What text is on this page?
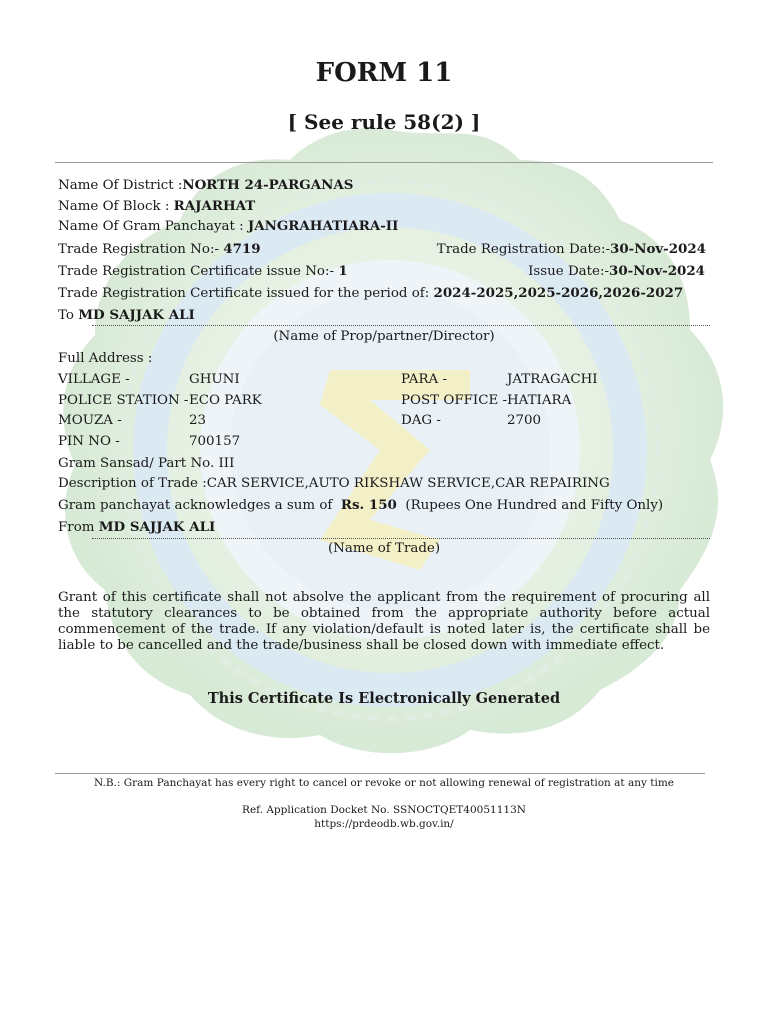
FORM 11
[ See rule 58(2) ]
Name Of District :NORTH 24-PARGANAS
Name Of Block : RAJARHAT
Name Of Gram Panchayat : JANGRAHATIARA-II
Trade Registration No:- 4719	Trade Registration Date:-30-Nov-2024
Trade Registration Certificate issue No:- 1	Issue Date:-30-Nov-2024
Trade Registration Certificate issued for the period of: 2024-2025,2025-2026,2026-2027
To MD SAJJAK ALI
(Name of Prop/partner/Director)
Full Address :
VILLAGE -	GHUNI	PARA -	JATRAGACHI
POLICE STATION - ECO PARK	POST OFFICE - HATIARA
MOUZA -	23	DAG -	2700
PIN NO -	700157
Gram Sansad/ Part No. III
Description of Trade :CAR SERVICE,AUTO RIKSHAW SERVICE,CAR REPAIRING
Gram panchayat acknowledges a sum of Rs. 150 (Rupees One Hundred and Fifty Only)
From MD SAJJAK ALI
(Name of Trade)
Grant of this certificate shall not absolve the applicant from the requirement of procuring all the statutory clearances to be obtained from the appropriate authority before actual commencement of the trade. If any violation/default is noted later is, the certificate shall be liable to be cancelled and the trade/business shall be closed down with immediate effect.
This Certificate Is Electronically Generated
N.B.: Gram Panchayat has every right to cancel or revoke or not allowing renewal of registration at any time
Ref. Application Docket No. SSNOCTQET40051113N
https://prdeodb.wb.gov.in/
